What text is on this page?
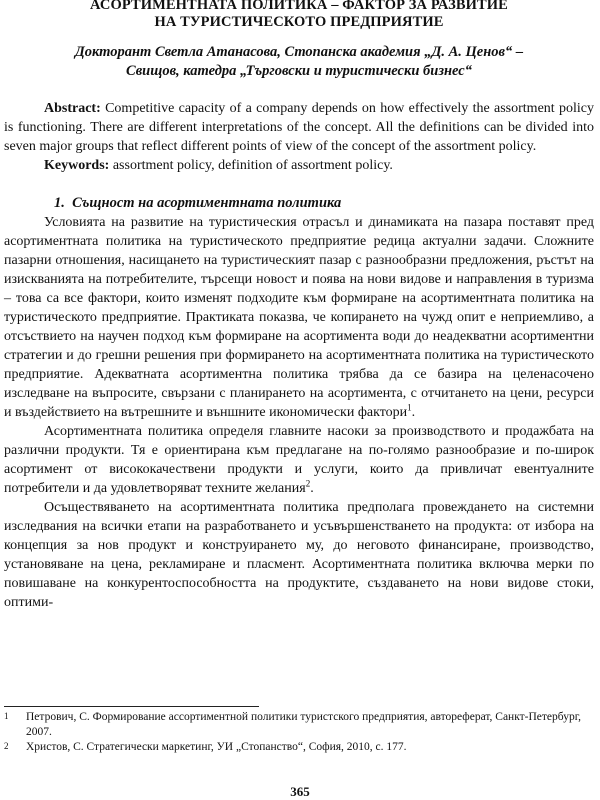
АСОРТИМЕНТНАТА ПОЛИТИКА – ФАКТОР ЗА РАЗВИТИЕ
НА ТУРИСТИЧЕСКОТО ПРЕДПРИЯТИЕ
Докторант Светла Атанасова, Стопанска академия „Д. А. Ценов“ –
Свищов, катедра „Търговски и туристически бизнес“

Abstract: Competitive capacity of a company depends on how effectively the assortment policy is functioning. There are different interpretations of the concept. All the definitions can be divided into seven major groups that reflect different points of view of the concept of the assortment policy.

Keywords: assortment policy, definition of assortment policy.

1. Същност на асортиментната политика

Условията на развитие на туристическия отрасъл и динамиката на пазара поставят пред асортиментната политика на туристическото предприятие редица актуални задачи. Сложните пазарни отношения, насищането на туристическият пазар с разнообразни предложения, ръстът на изискванията на потребителите, търсещи новост и поява на нови видове и направления в туризма – това са все фактори, които изменят подходите към формиране на асортиментната политика на туристическото предприятие. Практиката показва, че копирането на чужд опит е неприемливо, а отсъствието на научен подход към формиране на асортимента води до неадекватни асортиментни стратегии и до грешни решения при формирането на асортиментната политика на туристическото предприятие. Адекватната асортиментна политика трябва да се базира на целенасочено изследване на въпросите, свързани с планирането на асортимента, с отчитането на цени, ресурси и въздействието на вътрешните и външните икономически фактори$^1$.

Асортиментната политика определя главните насоки за производството и продажбата на различни продукти. Тя е ориентирана към предлагане на по-голямо разнообразие и по-широк асортимент от висококачествени продукти и услуги, които да привличат евентуалните потребители и да удовлетворяват техните желания$^2$.

Осъществяването на асортиментната политика предполага провеждането на системни изследвания на всички етапи на разработването и усъвършенстването на продукта: от избора на концепция за нов продукт и конструирането му, до неговото финансиране, производство, установяване на цена, рекламиране и пласмент. Асортиментната политика включва мерки по повишаване на конкурентоспособността на продуктите, създаването на нови видове стоки, оптими-

1	Петрович, С. Формирование ассортиментной политики туристского предприятия, автореферат, Санкт-Петербург, 2007.
2	Христов, С. Стратегически маркетинг, УИ „Стопанство“, София, 2010, с. 177.
365
